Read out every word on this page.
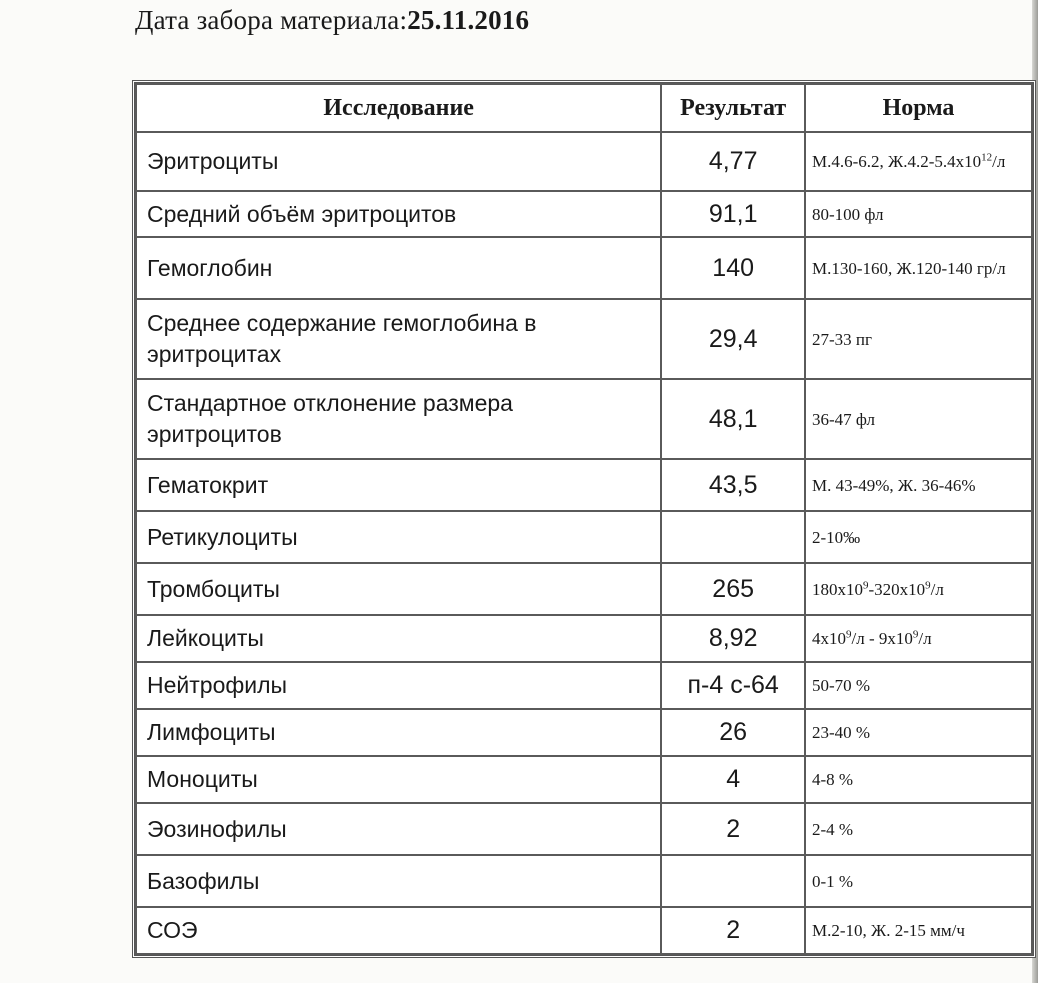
Дата забора материала:25.11.2016
Исследование	Результат	Норма
Эритроциты	4,77	М.4.6-6.2, $Ж.4.2-5.4x10^{12}/л$
Средний объём эритроцитов	91,1	80-100 фл
Гемоглобин	140	М.130-160, Ж.120-140 гр/л
Среднее содержание гемоглобина в эритроцитах	29,4	27-33 пг
Стандартное отклонение размера эритроцитов	48,1	36-47 фл
Гематокрит	43,5	М. 43-49%, Ж. 36-46%
Ретикулоциты		2-10‰
Тромбоциты	265	$180x10^9-320x10^9/л$
Лейкоциты	8,92	$4x10^9/л - 9x10^9/л$
Нейтрофилы	п-4 с-64	50-70 %
Лимфоциты	26	23-40 %
Моноциты	4	4-8 %
Эозинофилы	2	2-4 %
Базофилы		0-1 %
СОЭ	2	М.2-10, Ж. 2-15 мм/ч
